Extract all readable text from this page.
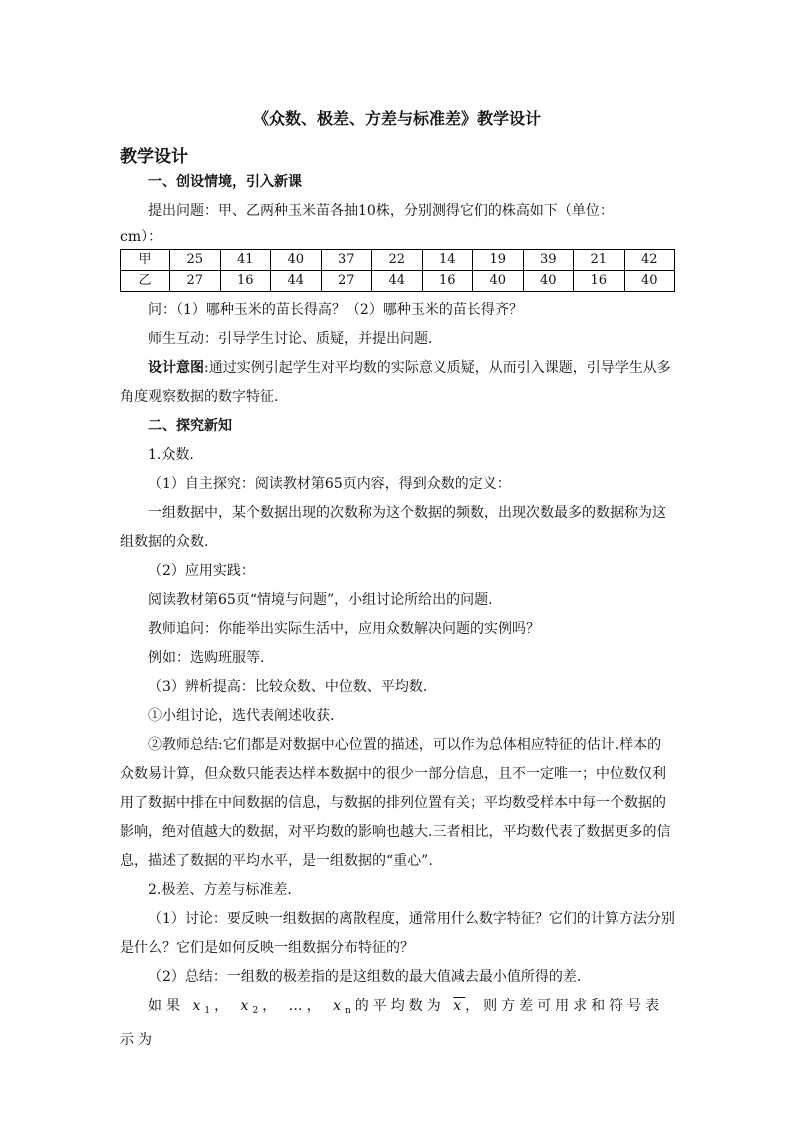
《众数、极差、方差与标准差》教学设计
教学设计

一、创设情境，引入新课

提出问题：甲、乙两种玉米苗各抽10株，分别测得它们的株高如下（单位：

cm）：

甲	25	41	40	37	22	14	19	39	21	42
乙	27	16	44	27	44	16	40	40	16	40

问：（1）哪种玉米的苗长得高？（2）哪种玉米的苗长得齐？

师生互动：引导学生讨论、质疑，并提出问题.

设计意图:通过实例引起学生对平均数的实际意义质疑，从而引入课题，引导学生从多角度观察数据的数字特征.

二、探究新知

1.众数.

（1）自主探究：阅读教材第65页内容，得到众数的定义：

一组数据中，某个数据出现的次数称为这个数据的频数，出现次数最多的数据称为这组数据的众数.

（2）应用实践：

阅读教材第65页“情境与问题”，小组讨论所给出的问题.

教师追问：你能举出实际生活中，应用众数解决问题的实例吗？

例如：选购班服等.

（3）辨析提高：比较众数、中位数、平均数.

①小组讨论，选代表阐述收获.

②教师总结:它们都是对数据中心位置的描述，可以作为总体相应特征的估计.样本的众数易计算，但众数只能表达样本数据中的很少一部分信息，且不一定唯一；中位数仅利用了数据中排在中间数据的信息，与数据的排列位置有关；平均数受样本中每一个数据的影响，绝对值越大的数据，对平均数的影响也越大.三者相比，平均数代表了数据更多的信息，描述了数据的平均水平，是一组数据的“重心”.

2.极差、方差与标准差.

（1）讨论：要反映一组数据的离散程度，通常用什么数字特征？它们的计算方法分别是什么？它们是如何反映一组数据分布特征的？

（2）总结：一组数的极差指的是这组数的最大值减去最小值所得的差.

如果 $x_1$， $x_2$， …， $x_n$的平均数为 $\overline{x}$，则方差可用求和符号表示为
